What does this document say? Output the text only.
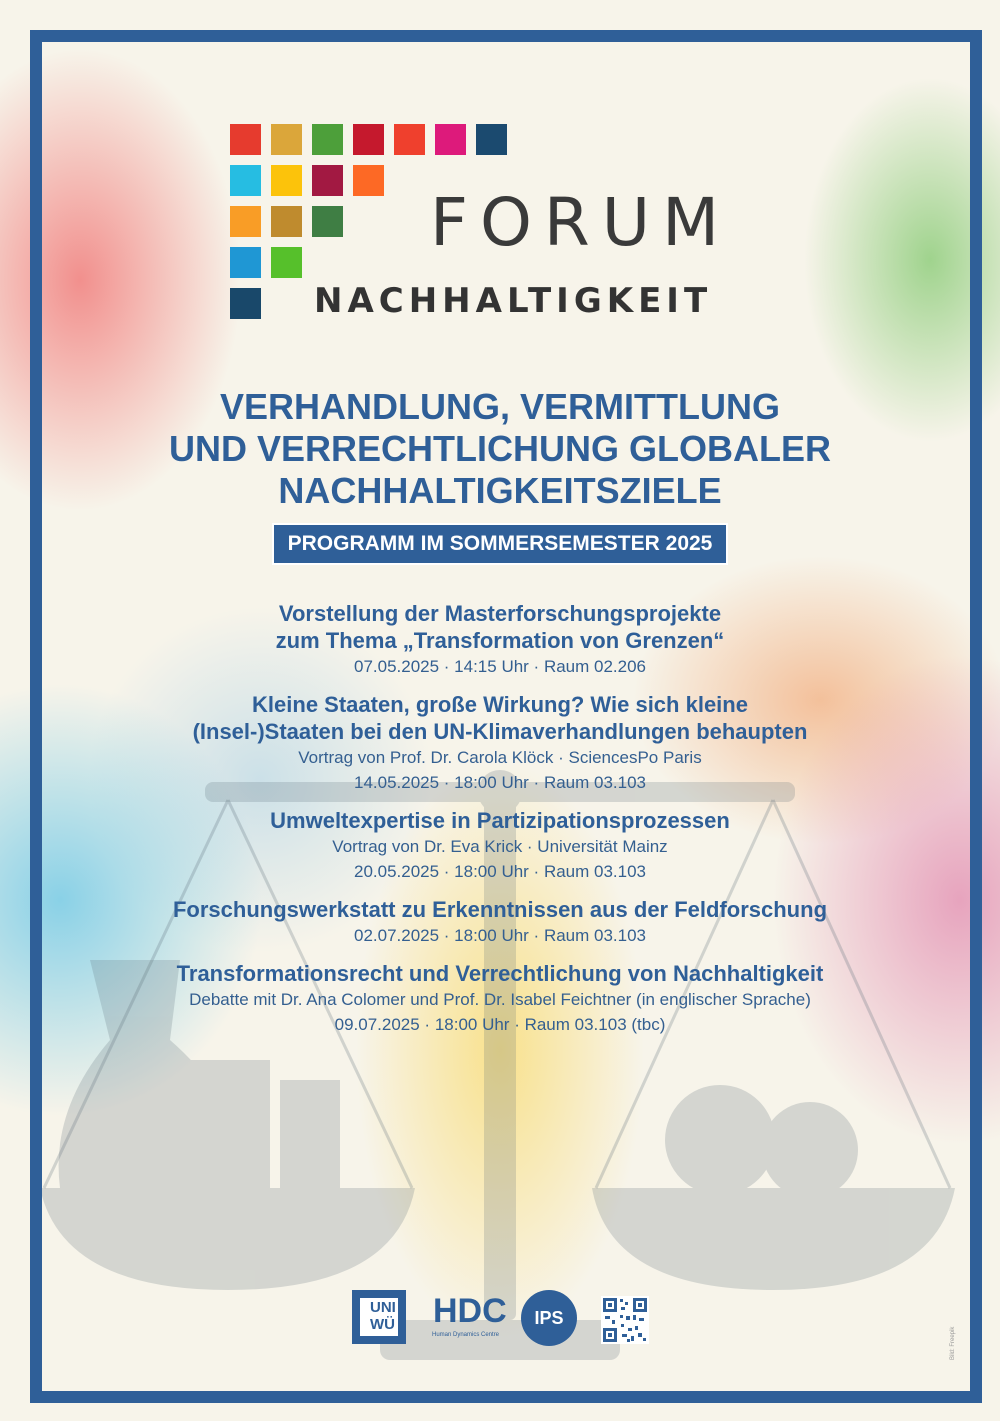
FORUM
NACHHALTIGKEIT
VERHANDLUNG, VERMITTLUNG
UND VERRECHTLICHUNG GLOBALER
NACHHALTIGKEITSZIELE
PROGRAMM IM SOMMERSEMESTER 2025
Vorstellung der Masterforschungsprojekte
zum Thema „Transformation von Grenzen“
07.05.2025 · 14:15 Uhr · Raum 02.206
Kleine Staaten, große Wirkung? Wie sich kleine
(Insel-)Staaten bei den UN-Klimaverhandlungen behaupten
Vortrag von Prof. Dr. Carola Klöck · SciencesPo Paris
14.05.2025 · 18:00 Uhr · Raum 03.103
Umweltexpertise in Partizipationsprozessen
Vortrag von Dr. Eva Krick · Universität Mainz
20.05.2025 · 18:00 Uhr · Raum 03.103
Forschungswerkstatt zu Erkenntnissen aus der Feldforschung
02.07.2025 · 18:00 Uhr · Raum 03.103
Transformationsrecht und Verrechtlichung von Nachhaltigkeit
Debatte mit Dr. Ana Colomer und Prof. Dr. Isabel Feichtner (in englischer Sprache)
09.07.2025 · 18:00 Uhr · Raum 03.103 (tbc)
UNI
WÜ HDC
Human Dynamics Centre
IPS
Bild: Freepik
